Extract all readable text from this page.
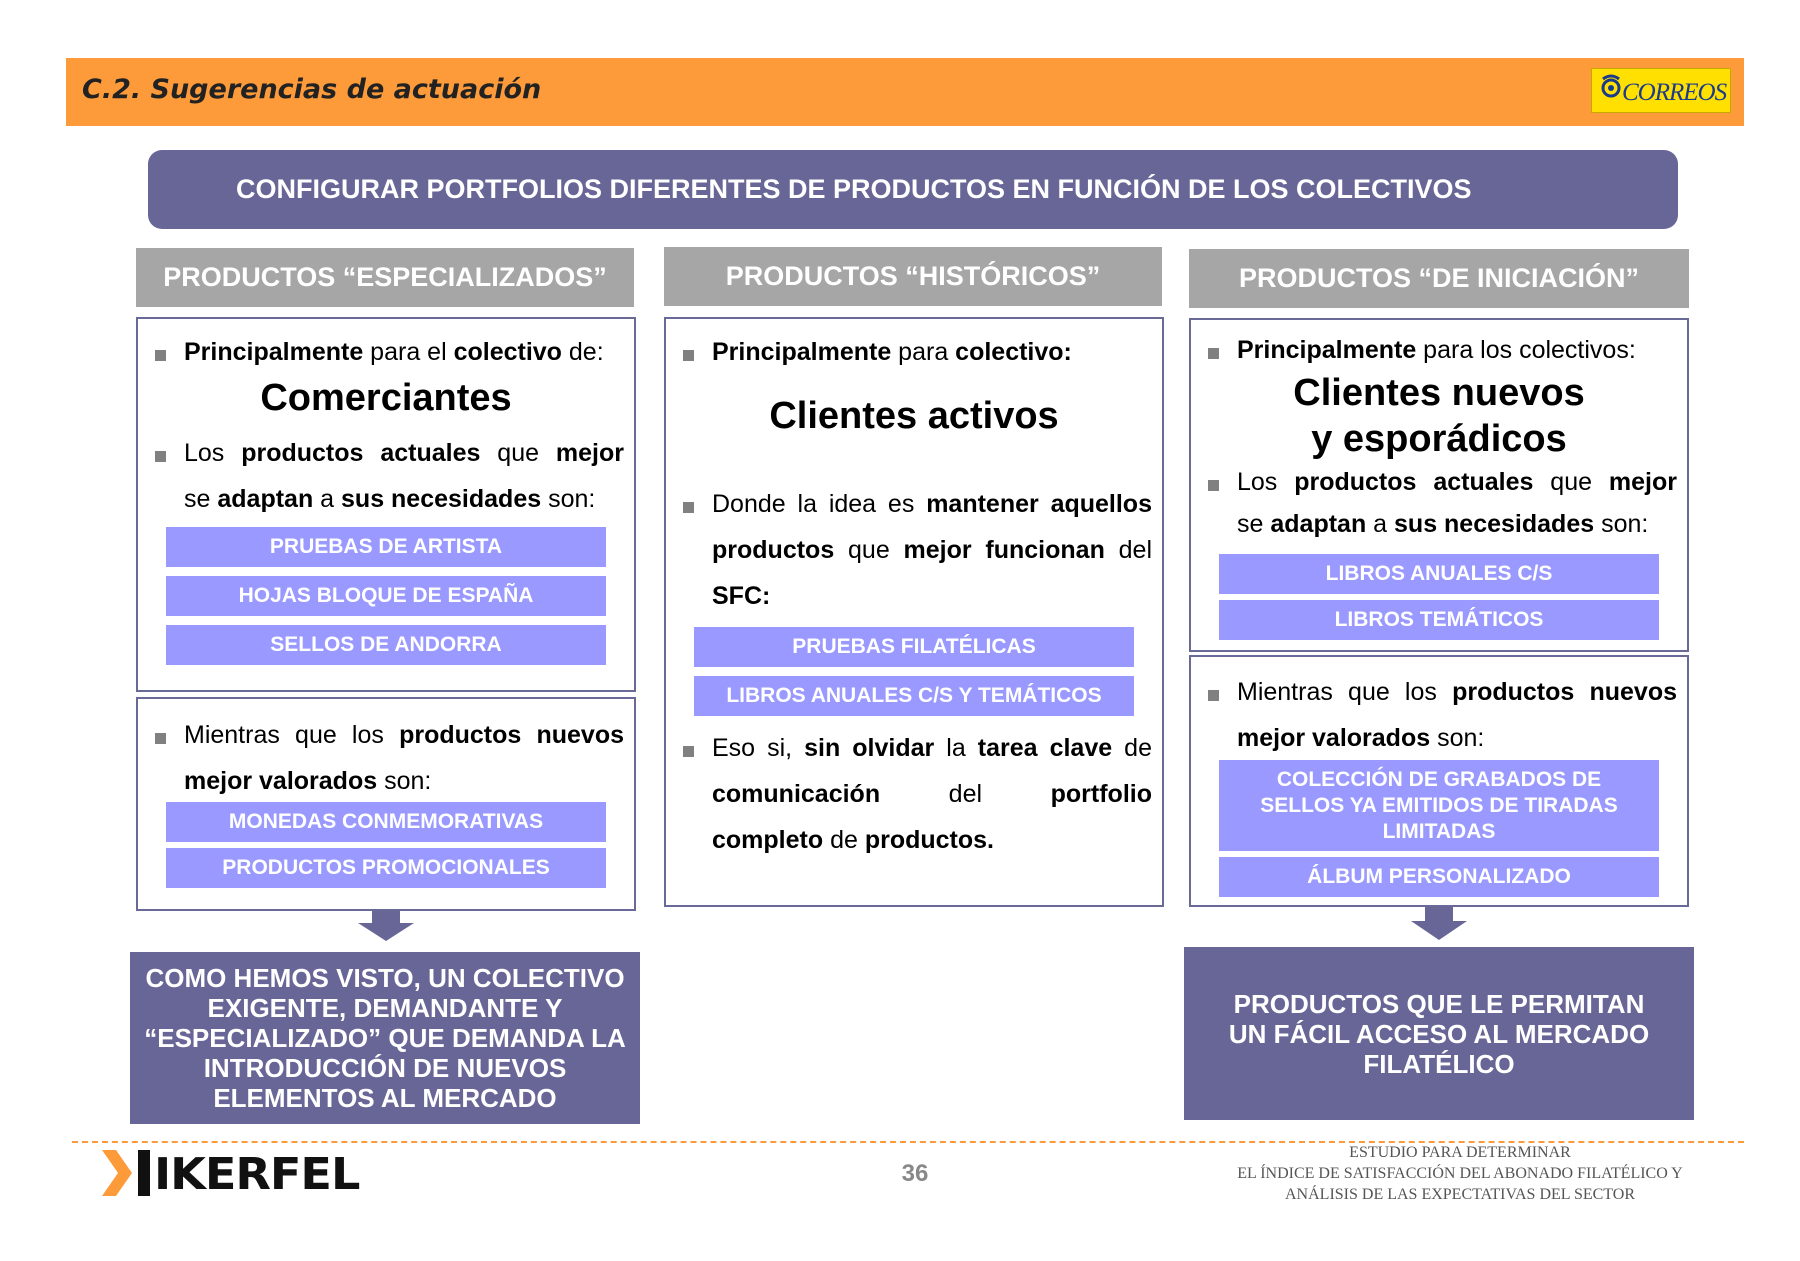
C.2. Sugerencias de actuación	CORREOS
CONFIGURAR PORTFOLIOS DIFERENTES DE PRODUCTOS EN FUNCIÓN DE LOS COLECTIVOS
PRODUCTOS “ESPECIALIZADOS”
Principalmente para el colectivo de:
Comerciantes
Los productos actuales que mejor
se adaptan a sus necesidades son:
PRUEBAS DE ARTISTA
HOJAS BLOQUE DE ESPAÑA
SELLOS DE ANDORRA
Mientras que los productos nuevos
mejor valorados son:
MONEDAS CONMEMORATIVAS
PRODUCTOS PROMOCIONALES
COMO HEMOS VISTO, UN COLECTIVO EXIGENTE, DEMANDANTE Y “ESPECIALIZADO” QUE DEMANDA LA INTRODUCCIÓN DE NUEVOS ELEMENTOS AL MERCADO
PRODUCTOS “HISTÓRICOS”
Principalmente para colectivo:
Clientes activos
Donde la idea es mantener aquellos
productos que mejor funcionan del
SFC:
PRUEBAS FILATÉLICAS
LIBROS ANUALES C/S Y TEMÁTICOS
Eso si, sin olvidar la tarea clave de
comunicación del portfolio
completo de productos.
PRODUCTOS “DE INICIACIÓN”
Principalmente para los colectivos:
Clientes nuevos
y esporádicos
Los productos actuales que mejor
se adaptan a sus necesidades son:
LIBROS ANUALES C/S
LIBROS TEMÁTICOS
Mientras que los productos nuevos
mejor valorados son:
COLECCIÓN DE GRABADOS DE SELLOS YA EMITIDOS DE TIRADAS LIMITADAS
ÁLBUM PERSONALIZADO
PRODUCTOS QUE LE PERMITAN UN FÁCIL ACCESO AL MERCADO FILATÉLICO
IKERFEL	36
ESTUDIO PARA DETERMINAR
EL ÍNDICE DE SATISFACCIÓN DEL ABONADO FILATÉLICO Y
ANÁLISIS DE LAS EXPECTATIVAS DEL SECTOR
